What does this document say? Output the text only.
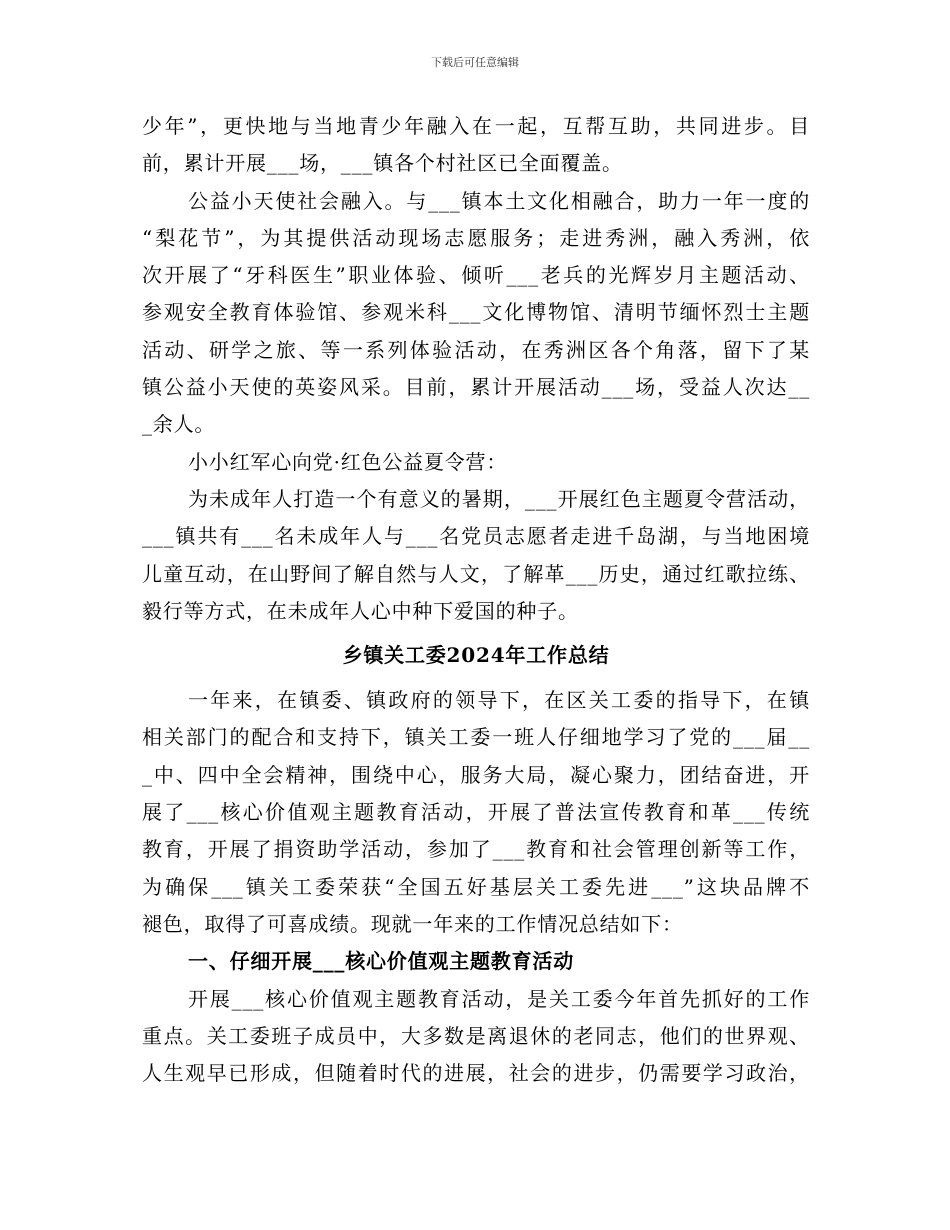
下载后可任意编辑
少年”，更快地与当地青少年融入在一起，互帮互助，共同进步。目
前，累计开展___场，___镇各个村社区已全面覆盖。
公益小天使社会融入。与___镇本土文化相融合，助力一年一度的
“梨花节”，为其提供活动现场志愿服务；走进秀洲，融入秀洲，依
次开展了“牙科医生”职业体验、倾听___老兵的光辉岁月主题活动、
参观安全教育体验馆、参观米科___文化博物馆、清明节缅怀烈士主题
活动、研学之旅、等一系列体验活动，在秀洲区各个角落，留下了某
镇公益小天使的英姿风采。目前，累计开展活动___场，受益人次达__
_余人。
小小红军心向党·红色公益夏令营：
为未成年人打造一个有意义的暑期，___开展红色主题夏令营活动，
___镇共有___名未成年人与___名党员志愿者走进千岛湖，与当地困境
儿童互动，在山野间了解自然与人文，了解革___历史，通过红歌拉练、
毅行等方式，在未成年人心中种下爱国的种子。
乡镇关工委2024年工作总结
一年来，在镇委、镇政府的领导下，在区关工委的指导下，在镇
相关部门的配合和支持下，镇关工委一班人仔细地学习了党的___届__
_中、四中全会精神，围绕中心，服务大局，凝心聚力，团结奋进，开
展了___核心价值观主题教育活动，开展了普法宣传教育和革___传统
教育，开展了捐资助学活动，参加了___教育和社会管理创新等工作，
为确保___镇关工委荣获“全国五好基层关工委先进___”这块品牌不
褪色，取得了可喜成绩。现就一年来的工作情况总结如下：
一、仔细开展___核心价值观主题教育活动
开展___核心价值观主题教育活动，是关工委今年首先抓好的工作
重点。关工委班子成员中，大多数是离退休的老同志，他们的世界观、
人生观早已形成，但随着时代的进展，社会的进步，仍需要学习政治，
